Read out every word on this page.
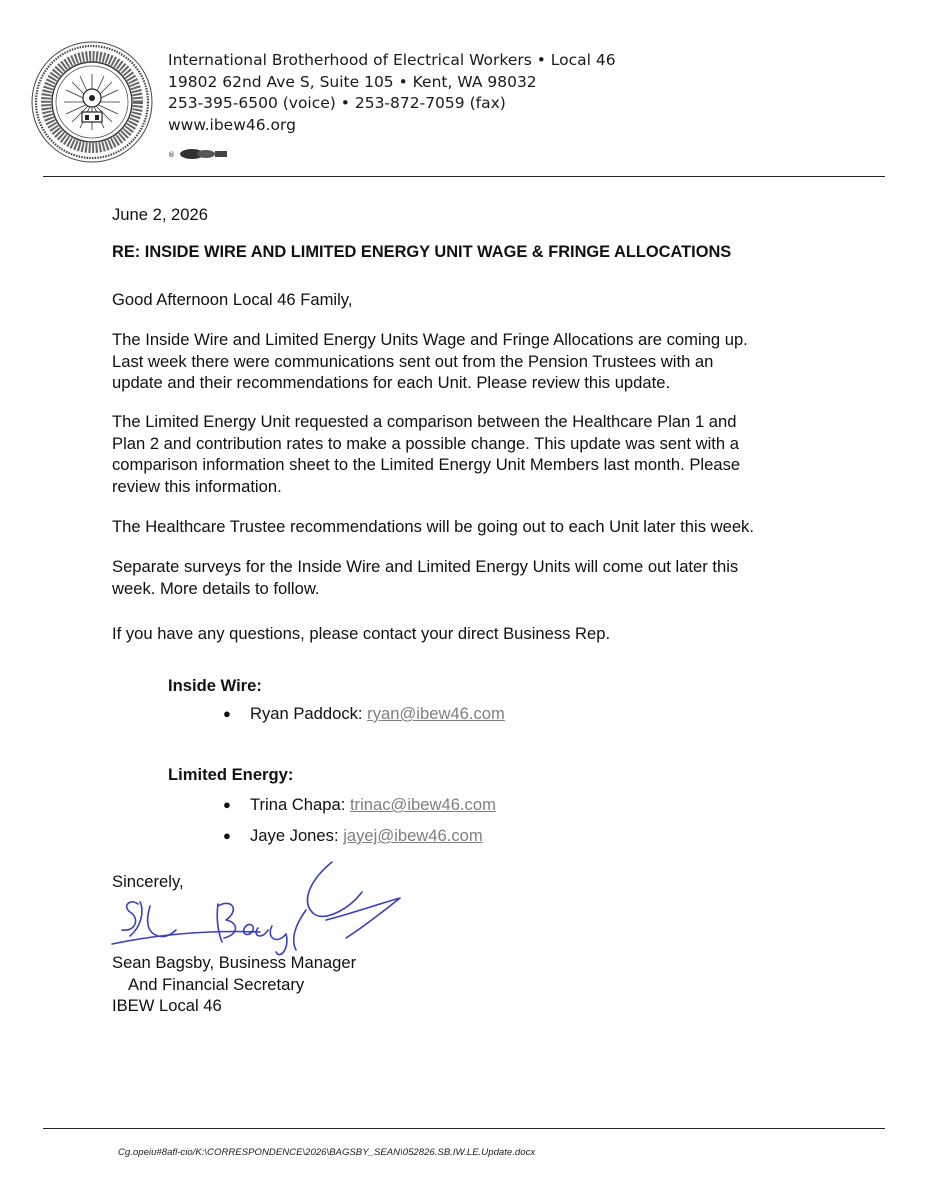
International Brotherhood of Electrical Workers • Local 46
19802 62nd Ave S, Suite 105 • Kent, WA 98032
253-395-6500 (voice) • 253-872-7059 (fax)
www.ibew46.org
®
June 2, 2026
RE: INSIDE WIRE AND LIMITED ENERGY UNIT WAGE & FRINGE ALLOCATIONS
Good Afternoon Local 46 Family,

The Inside Wire and Limited Energy Units Wage and Fringe Allocations are coming up.
Last week there were communications sent out from the Pension Trustees with an
update and their recommendations for each Unit. Please review this update.

The Limited Energy Unit requested a comparison between the Healthcare Plan 1 and
Plan 2 and contribution rates to make a possible change. This update was sent with a
comparison information sheet to the Limited Energy Unit Members last month. Please
review this information.

The Healthcare Trustee recommendations will be going out to each Unit later this week.

Separate surveys for the Inside Wire and Limited Energy Units will come out later this
week. More details to follow.

If you have any questions, please contact your direct Business Rep.

Inside Wire:
● Ryan Paddock: ryan@ibew46.com
Limited Energy:
● Trina Chapa: trinac@ibew46.com
● Jaye Jones: jayej@ibew46.com
Sincerely,
Sean Bagsby, Business Manager
And Financial Secretary
IBEW Local 46
Cg.opeiu#8afl-cio/K:\CORRESPONDENCE\2026\BAGSBY_SEAN\052826.SB.IW.LE.Update.docx
